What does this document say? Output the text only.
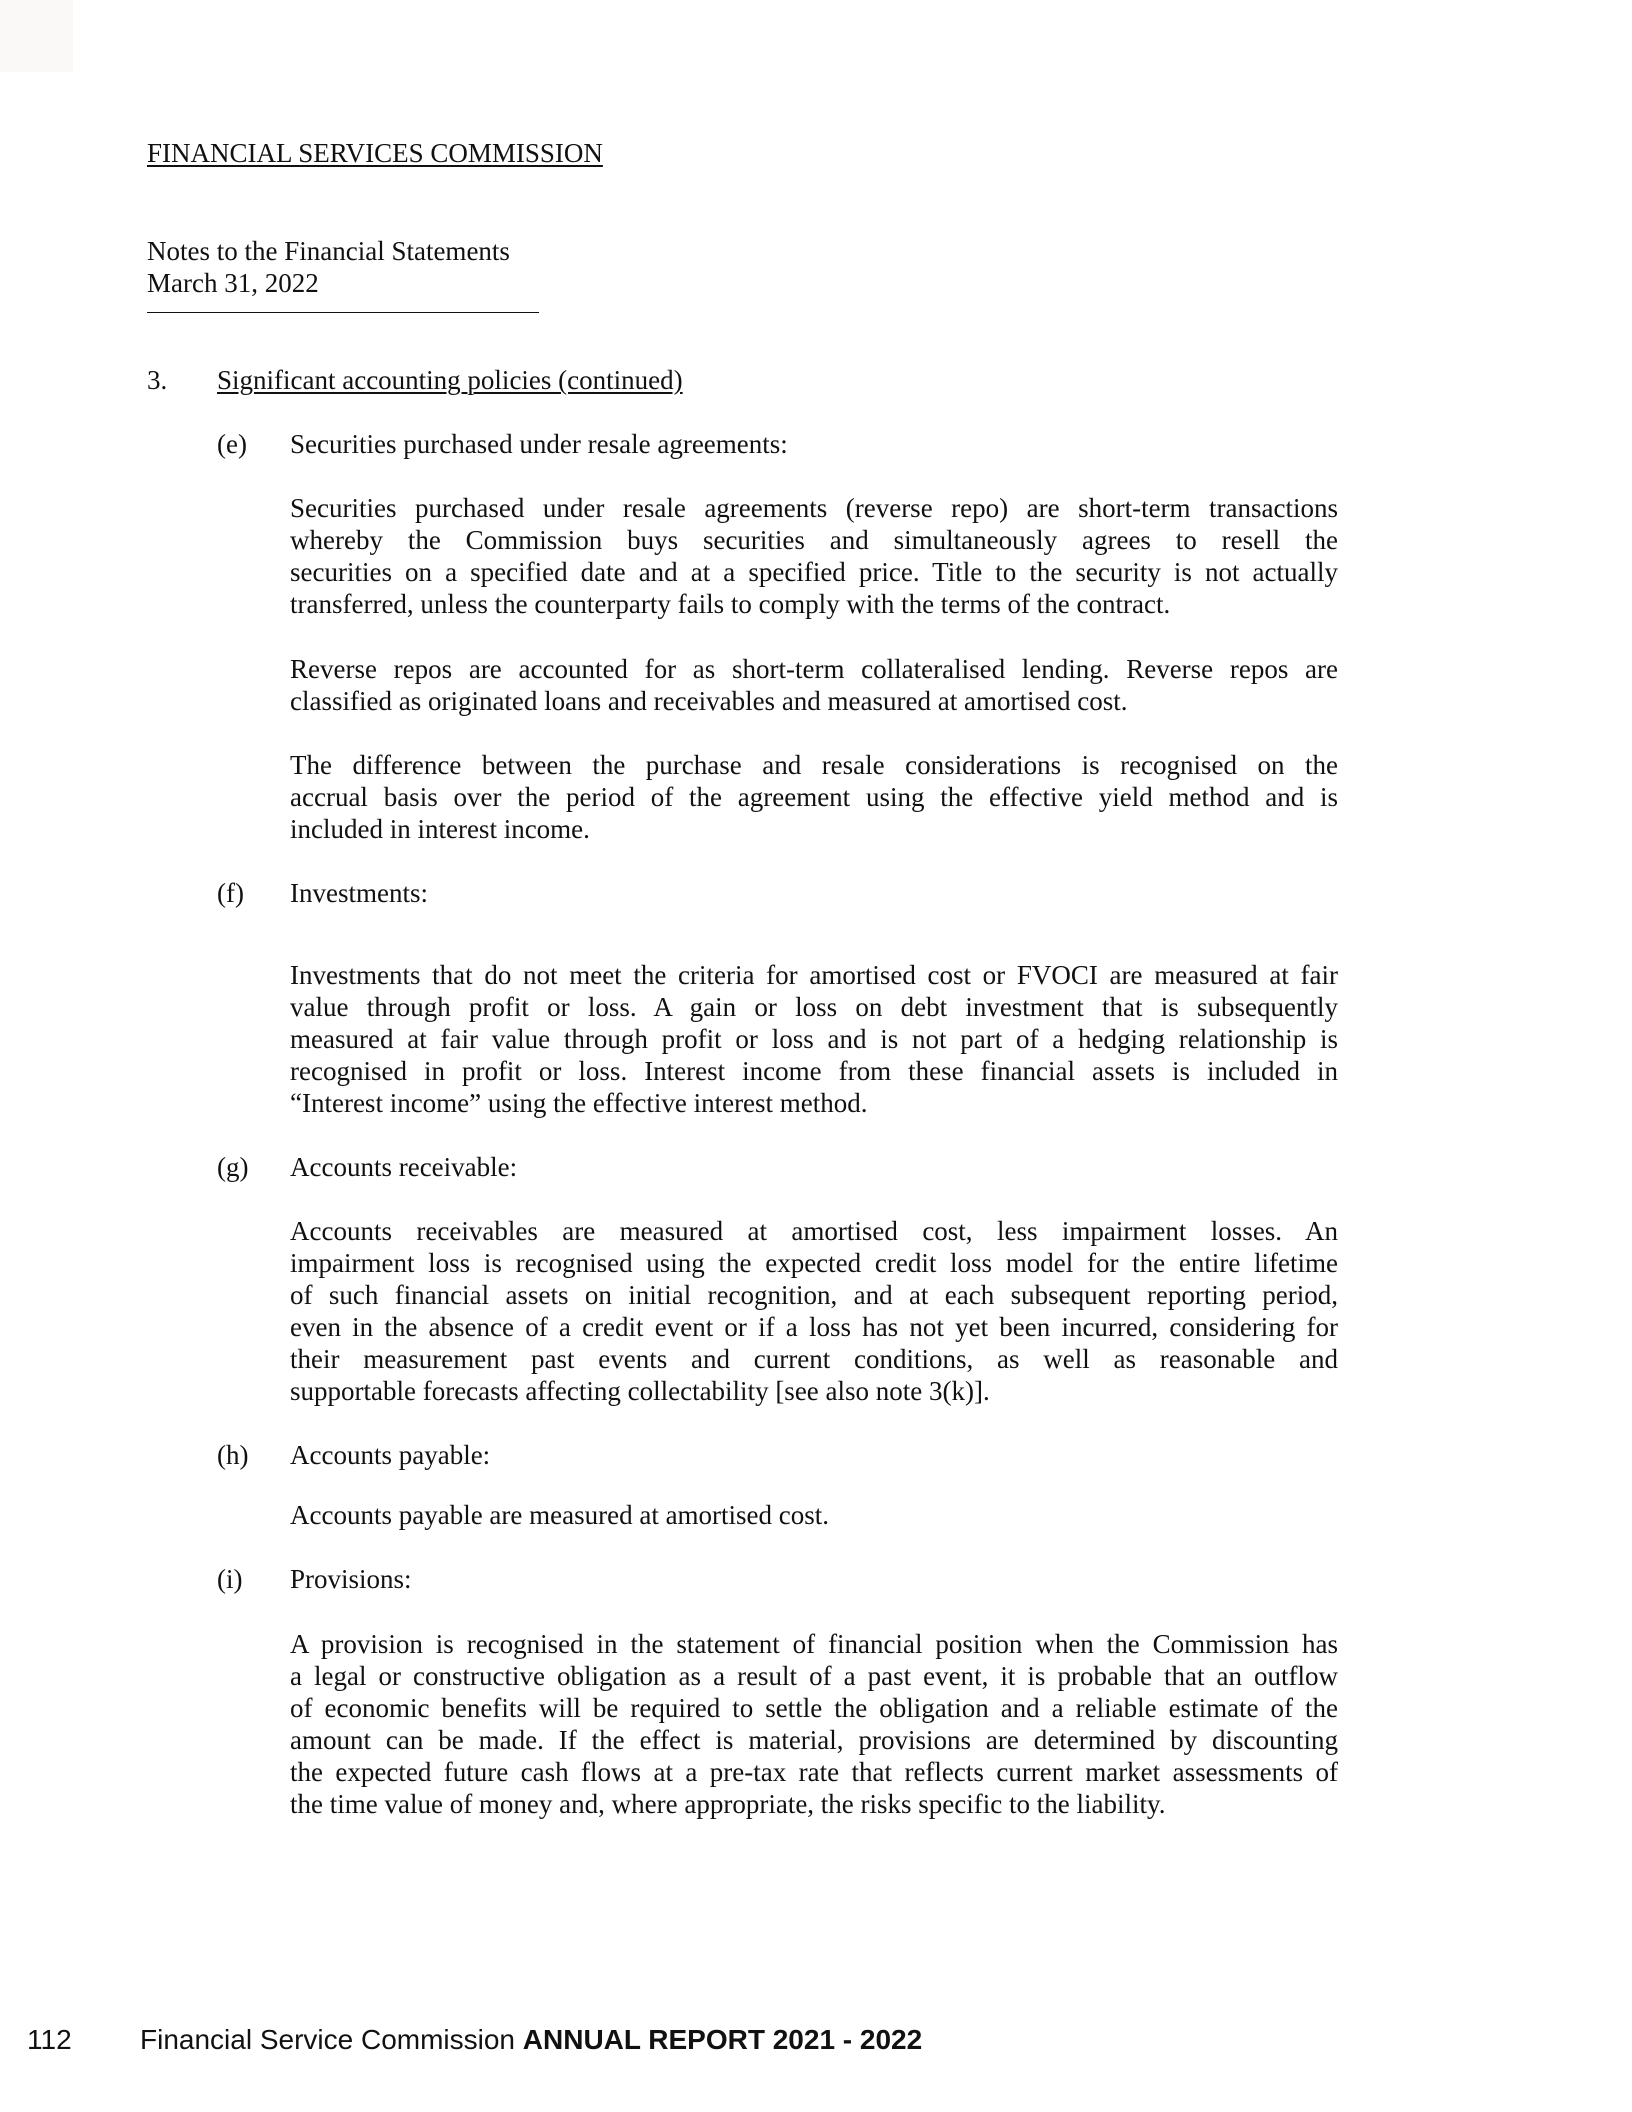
FINANCIAL SERVICES COMMISSION
Notes to the Financial Statements
March 31, 2022
3. Significant accounting policies (continued)
(e) Securities purchased under resale agreements:
Securities purchased under resale agreements (reverse repo) are short-term transactions
whereby the Commission buys securities and simultaneously agrees to resell the
securities on a specified date and at a specified price. Title to the security is not actually
transferred, unless the counterparty fails to comply with the terms of the contract.
Reverse repos are accounted for as short-term collateralised lending. Reverse repos are
classified as originated loans and receivables and measured at amortised cost.
The difference between the purchase and resale considerations is recognised on the
accrual basis over the period of the agreement using the effective yield method and is
included in interest income.
(f) Investments:
Investments that do not meet the criteria for amortised cost or FVOCI are measured at fair
value through profit or loss. A gain or loss on debt investment that is subsequently
measured at fair value through profit or loss and is not part of a hedging relationship is
recognised in profit or loss. Interest income from these financial assets is included in
“Interest income” using the effective interest method.
(g) Accounts receivable:
Accounts receivables are measured at amortised cost, less impairment losses. An
impairment loss is recognised using the expected credit loss model for the entire lifetime
of such financial assets on initial recognition, and at each subsequent reporting period,
even in the absence of a credit event or if a loss has not yet been incurred, considering for
their measurement past events and current conditions, as well as reasonable and
supportable forecasts affecting collectability [see also note 3(k)].
(h) Accounts payable:
Accounts payable are measured at amortised cost.
(i) Provisions:
A provision is recognised in the statement of financial position when the Commission has
a legal or constructive obligation as a result of a past event, it is probable that an outflow
of economic benefits will be required to settle the obligation and a reliable estimate of the
amount can be made. If the effect is material, provisions are determined by discounting
the expected future cash flows at a pre-tax rate that reflects current market assessments of
the time value of money and, where appropriate, the risks specific to the liability.
112 Financial Service Commission ANNUAL REPORT 2021 - 2022
